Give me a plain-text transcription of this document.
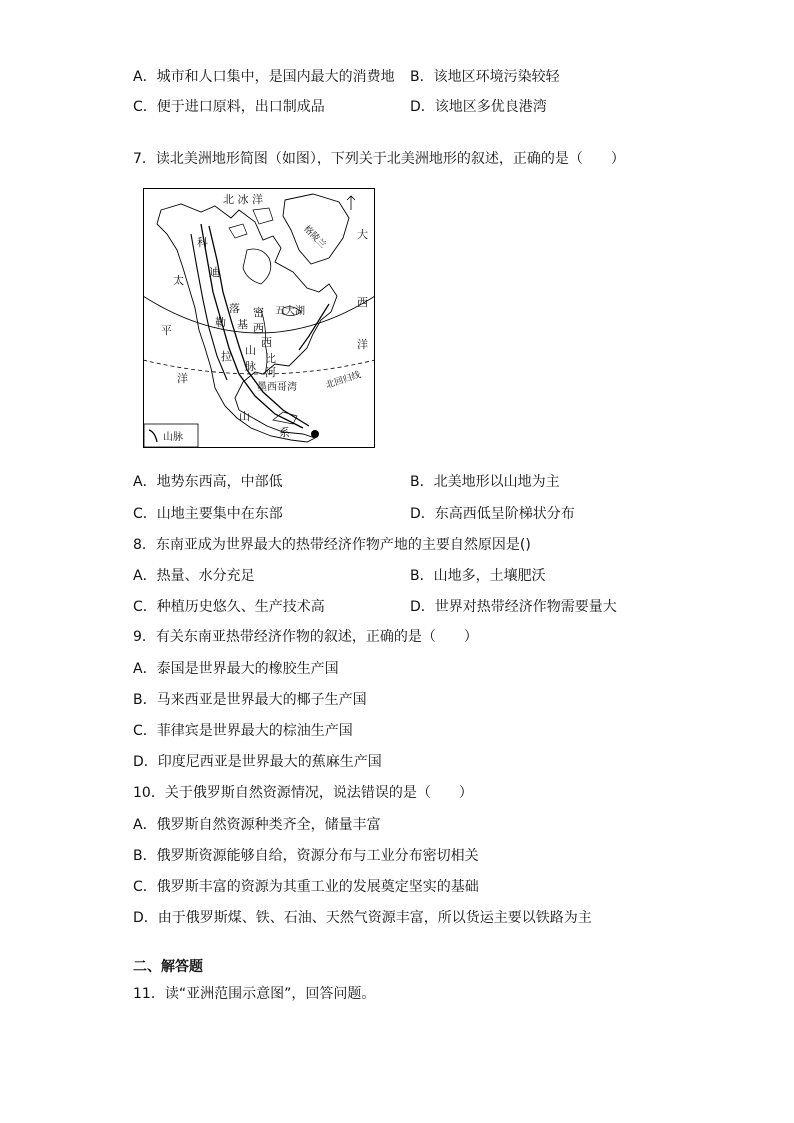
A．城市和人口集中，是国内最大的消费地 B．该地区环境污染较轻
C．便于进口原料，出口制成品	D．该地区多优良港湾
7．读北美洲地形简图（如图），下列关于北美洲地形的叙述，正确的是（　　）
北 冰 洋
格陵兰
太
平
洋
大
西
洋
科
迪
勒
拉
山
系
落
基
山
脉
密
西
西
比
河
五大湖
墨西哥湾	北回归线
山脉
A．地势东西高，中部低	B．北美地形以山地为主
C．山地主要集中在东部	D．东高西低呈阶梯状分布
8．东南亚成为世界最大的热带经济作物产地的主要自然原因是()
A．热量、水分充足	B．山地多，土壤肥沃
C．种植历史悠久、生产技术高	D．世界对热带经济作物需要量大
9．有关东南亚热带经济作物的叙述，正确的是（　　）
A．泰国是世界最大的橡胶生产国
B．马来西亚是世界最大的椰子生产国
C．菲律宾是世界最大的棕油生产国
D．印度尼西亚是世界最大的蕉麻生产国
10．关于俄罗斯自然资源情况，说法错误的是（　　）
A．俄罗斯自然资源种类齐全，储量丰富
B．俄罗斯资源能够自给，资源分布与工业分布密切相关
C．俄罗斯丰富的资源为其重工业的发展奠定坚实的基础
D．由于俄罗斯煤、铁、石油、天然气资源丰富，所以货运主要以铁路为主
二、解答题
11．读“亚洲范围示意图”，回答问题。
